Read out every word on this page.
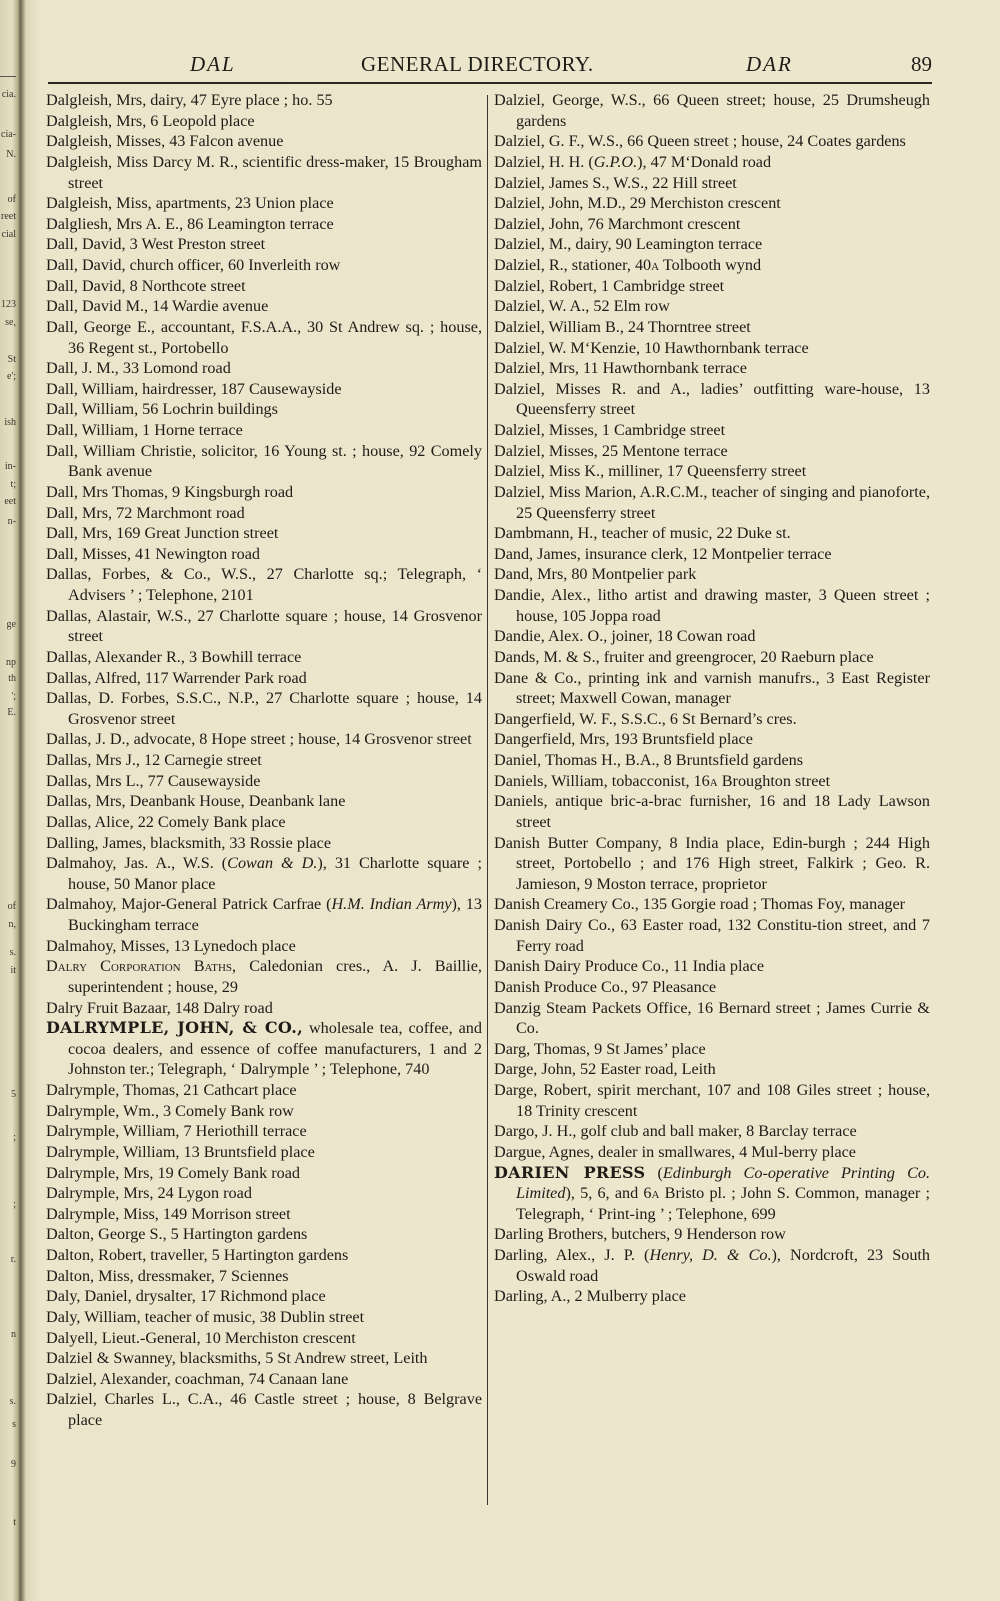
cia.
cia-
N.
of
reet
cial
123
se,
St
e';
ish
in-
t;
eet
n-
ge
np
th
';
E.
of
n,
s.
it
5
;
;
r.
n
s.
s
9
t
DAL	GENERAL DIRECTORY.	DAR	89
Dalgleish, Mrs, dairy, 47 Eyre place ; ho. 55
Dalgleish, Mrs, 6 Leopold place
Dalgleish, Misses, 43 Falcon avenue
Dalgleish, Miss Darcy M. R., scientific dress-maker, 15 Brougham street
Dalgleish, Miss, apartments, 23 Union place
Dalgliesh, Mrs A. E., 86 Leamington terrace
Dall, David, 3 West Preston street
Dall, David, church officer, 60 Inverleith row
Dall, David, 8 Northcote street
Dall, David M., 14 Wardie avenue
Dall, George E., accountant, F.S.A.A., 30 St Andrew sq. ; house, 36 Regent st., Portobello
Dall, J. M., 33 Lomond road
Dall, William, hairdresser, 187 Causewayside
Dall, William, 56 Lochrin buildings
Dall, William, 1 Horne terrace
Dall, William Christie, solicitor, 16 Young st. ; house, 92 Comely Bank avenue
Dall, Mrs Thomas, 9 Kingsburgh road
Dall, Mrs, 72 Marchmont road
Dall, Mrs, 169 Great Junction street
Dall, Misses, 41 Newington road
Dallas, Forbes, & Co., W.S., 27 Charlotte sq.; Telegraph, ‘ Advisers ’ ; Telephone, 2101
Dallas, Alastair, W.S., 27 Charlotte square ; house, 14 Grosvenor street
Dallas, Alexander R., 3 Bowhill terrace
Dallas, Alfred, 117 Warrender Park road
Dallas, D. Forbes, S.S.C., N.P., 27 Charlotte square ; house, 14 Grosvenor street
Dallas, J. D., advocate, 8 Hope street ; house, 14 Grosvenor street
Dallas, Mrs J., 12 Carnegie street
Dallas, Mrs L., 77 Causewayside
Dallas, Mrs, Deanbank House, Deanbank lane
Dallas, Alice, 22 Comely Bank place
Dalling, James, blacksmith, 33 Rossie place
Dalmahoy, Jas. A., W.S. (Cowan & D.), 31 Charlotte square ; house, 50 Manor place
Dalmahoy, Major-General Patrick Carfrae (H.M. Indian Army), 13 Buckingham terrace
Dalmahoy, Misses, 13 Lynedoch place
Dalry Corporation Baths, Caledonian cres., A. J. Baillie, superintendent ; house, 29
Dalry Fruit Bazaar, 148 Dalry road
DALRYMPLE, JOHN, & CO., wholesale tea, coffee, and cocoa dealers, and essence of coffee manufacturers, 1 and 2 Johnston ter.; Telegraph, ‘ Dalrymple ’ ; Telephone, 740
Dalrymple, Thomas, 21 Cathcart place
Dalrymple, Wm., 3 Comely Bank row
Dalrymple, William, 7 Heriothill terrace
Dalrymple, William, 13 Bruntsfield place
Dalrymple, Mrs, 19 Comely Bank road
Dalrymple, Mrs, 24 Lygon road
Dalrymple, Miss, 149 Morrison street
Dalton, George S., 5 Hartington gardens
Dalton, Robert, traveller, 5 Hartington gardens
Dalton, Miss, dressmaker, 7 Sciennes
Daly, Daniel, drysalter, 17 Richmond place
Daly, William, teacher of music, 38 Dublin street
Dalyell, Lieut.-General, 10 Merchiston crescent
Dalziel & Swanney, blacksmiths, 5 St Andrew street, Leith
Dalziel, Alexander, coachman, 74 Canaan lane
Dalziel, Charles L., C.A., 46 Castle street ; house, 8 Belgrave place
Dalziel, George, W.S., 66 Queen street; house, 25 Drumsheugh gardens
Dalziel, G. F., W.S., 66 Queen street ; house, 24 Coates gardens
Dalziel, H. H. (G.P.O.), 47 M‘Donald road
Dalziel, James S., W.S., 22 Hill street
Dalziel, John, M.D., 29 Merchiston crescent
Dalziel, John, 76 Marchmont crescent
Dalziel, M., dairy, 90 Leamington terrace
Dalziel, R., stationer, 40a Tolbooth wynd
Dalziel, Robert, 1 Cambridge street
Dalziel, W. A., 52 Elm row
Dalziel, William B., 24 Thorntree street
Dalziel, W. M‘Kenzie, 10 Hawthornbank terrace
Dalziel, Mrs, 11 Hawthornbank terrace
Dalziel, Misses R. and A., ladies’ outfitting ware-house, 13 Queensferry street
Dalziel, Misses, 1 Cambridge street
Dalziel, Misses, 25 Mentone terrace
Dalziel, Miss K., milliner, 17 Queensferry street
Dalziel, Miss Marion, A.R.C.M., teacher of singing and pianoforte, 25 Queensferry street
Dambmann, H., teacher of music, 22 Duke st.
Dand, James, insurance clerk, 12 Montpelier terrace
Dand, Mrs, 80 Montpelier park
Dandie, Alex., litho artist and drawing master, 3 Queen street ; house, 105 Joppa road
Dandie, Alex. O., joiner, 18 Cowan road
Dands, M. & S., fruiter and greengrocer, 20 Raeburn place
Dane & Co., printing ink and varnish manufrs., 3 East Register street; Maxwell Cowan, manager
Dangerfield, W. F., S.S.C., 6 St Bernard’s cres.
Dangerfield, Mrs, 193 Bruntsfield place
Daniel, Thomas H., B.A., 8 Bruntsfield gardens
Daniels, William, tobacconist, 16a Broughton street
Daniels, antique bric-a-brac furnisher, 16 and 18 Lady Lawson street
Danish Butter Company, 8 India place, Edin-burgh ; 244 High street, Portobello ; and 176 High street, Falkirk ; Geo. R. Jamieson, 9 Moston terrace, proprietor
Danish Creamery Co., 135 Gorgie road ; Thomas Foy, manager
Danish Dairy Co., 63 Easter road, 132 Constitu-tion street, and 7 Ferry road
Danish Dairy Produce Co., 11 India place
Danish Produce Co., 97 Pleasance
Danzig Steam Packets Office, 16 Bernard street ; James Currie & Co.
Darg, Thomas, 9 St James’ place
Darge, John, 52 Easter road, Leith
Darge, Robert, spirit merchant, 107 and 108 Giles street ; house, 18 Trinity crescent
Dargo, J. H., golf club and ball maker, 8 Barclay terrace
Dargue, Agnes, dealer in smallwares, 4 Mul-berry place
DARIEN PRESS (Edinburgh Co-operative Printing Co. Limited), 5, 6, and 6a Bristo pl. ; John S. Common, manager ; Telegraph, ‘ Print-ing ’ ; Telephone, 699
Darling Brothers, butchers, 9 Henderson row
Darling, Alex., J. P. (Henry, D. & Co.), Nordcroft, 23 South Oswald road
Darling, A., 2 Mulberry place
